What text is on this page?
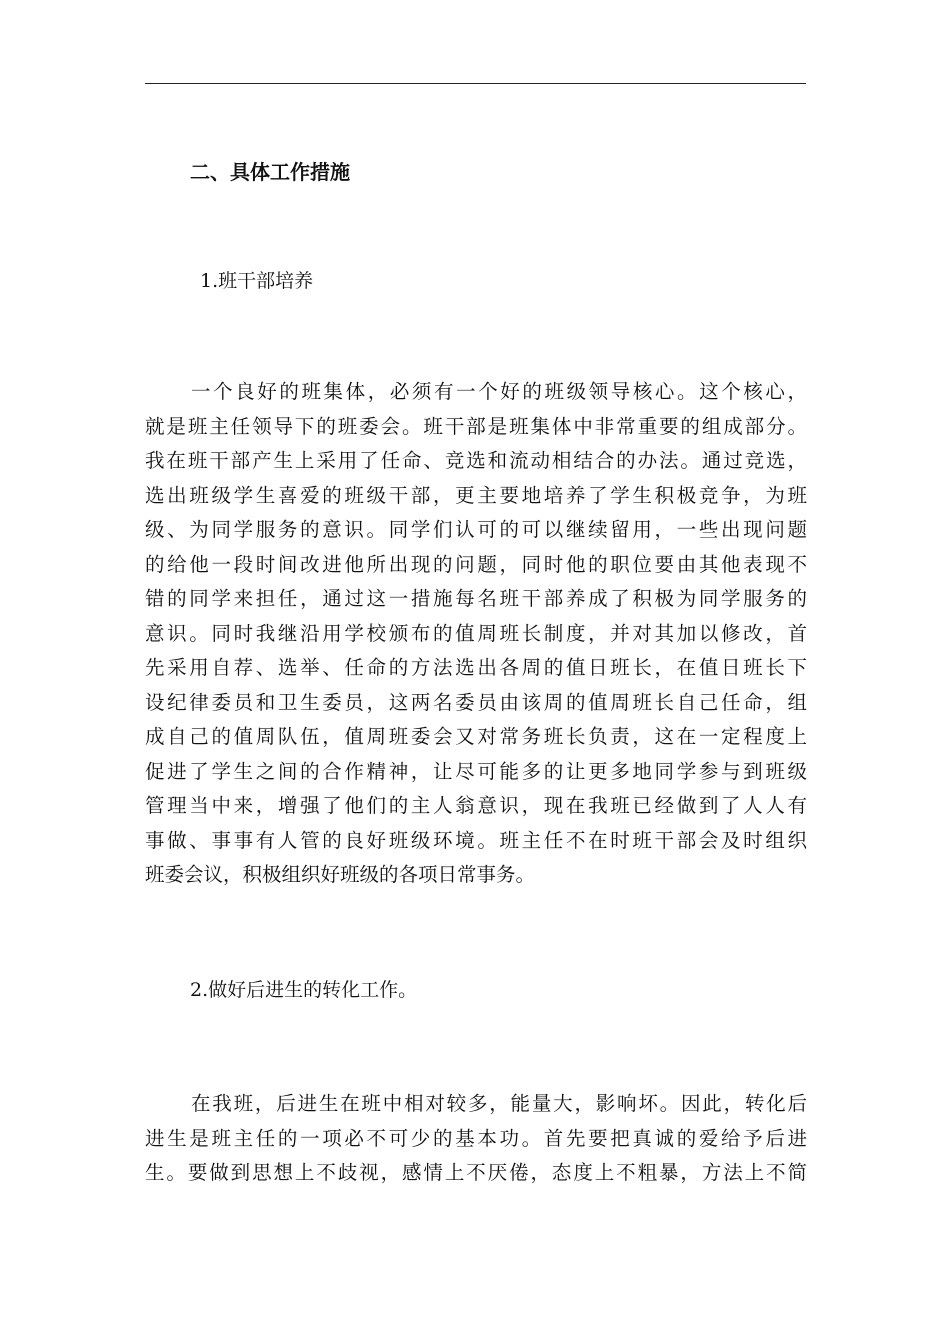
二、具体工作措施

1.班干部培养

一个良好的班集体，必须有一个好的班级领导核心。这个核心，
就是班主任领导下的班委会。班干部是班集体中非常重要的组成部分。
我在班干部产生上采用了任命、竞选和流动相结合的办法。通过竞选，
选出班级学生喜爱的班级干部，更主要地培养了学生积极竞争，为班
级、为同学服务的意识。同学们认可的可以继续留用，一些出现问题
的给他一段时间改进他所出现的问题，同时他的职位要由其他表现不
错的同学来担任，通过这一措施每名班干部养成了积极为同学服务的
意识。同时我继沿用学校颁布的值周班长制度，并对其加以修改，首
先采用自荐、选举、任命的方法选出各周的值日班长，在值日班长下
设纪律委员和卫生委员，这两名委员由该周的值周班长自己任命，组
成自己的值周队伍，值周班委会又对常务班长负责，这在一定程度上
促进了学生之间的合作精神，让尽可能多的让更多地同学参与到班级
管理当中来，增强了他们的主人翁意识，现在我班已经做到了人人有
事做、事事有人管的良好班级环境。班主任不在时班干部会及时组织
班委会议，积极组织好班级的各项日常事务。

2.做好后进生的转化工作。

在我班，后进生在班中相对较多，能量大，影响坏。因此，转化后
进生是班主任的一项必不可少的基本功。首先要把真诚的爱给予后进
生。要做到思想上不歧视，感情上不厌倦，态度上不粗暴，方法上不简
